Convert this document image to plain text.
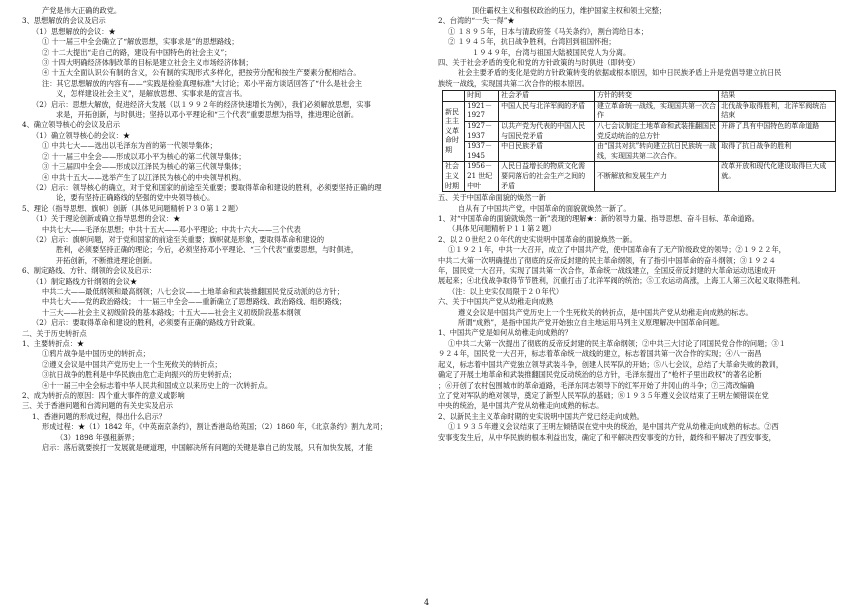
产党是伟大正确的政党。
3、思想解放的会议及启示
（1）思想解放的会议：★
① 十一届三中全会确立了“解放思想，实事求是”的思想路线；
② 十二大提出“走自己的路，建设有中国特色的社会主义”；
③ 十四大明确经济体制改革的目标是建立社会主义市场经济体制；
④ 十五大全面认识公有制的含义，公有制的实现形式多样化，把按劳分配和按生产要素分配相结合。
注：其它思想解放的内容有——“实践是检验真理标准”大讨论；邓小平南方谈话回答了“什么是社会主
义，怎样建设社会主义”，是解放思想、实事求是的宣言书。
（2）启示：思想大解放，促进经济大发展（以１９９２年的经济快速增长为例），我们必须解放思想，实事
求是，开拓创新，与时俱进；坚持以邓小平理论和“三个代表”重要思想为指导，推进理论创新。
4、确立领导核心的会议及启示
（1）确立领导核心的会议：★
① 中共七大——选出以毛泽东为首的第一代领导集体；
② 十一届三中全会——形成以邓小平为核心的第二代领导集体；
③ 十三届四中全会——形成以江泽民为核心的第三代领导集体；
④ 中共十五大——选举产生了以江泽民为核心的中央领导机构。
（2）启示：领导核心的确立，对于党和国家的前途至关重要；要取得革命和建设的胜利，必须要坚持正确的理
论，要有坚持正确路线的坚强的党中央领导核心。
5、理论（指导思想、旗帜）创新（具体见问题精析Ｐ３０第１２题）
（1）关于理论创新或确立指导思想的会议：★
中共七大——毛泽东思想；中共十五大——邓小平理论；中共十六大——三个代表
（2）启示：旗帜问题，对于党和国家的前途至关重要；旗帜就是形象，要取得革命和建设的
胜利，必须要坚持正确的理论；今后，必须坚持邓小平理论、“三个代表”重要思想，与时俱进，
开拓创新，不断推进理论创新。
6、制定路线、方针、纲领的会议及启示：
（1）制定路线方针纲领的会议★
中共二大——最低纲领和最高纲领；八七会议——土地革命和武装推翻国民党反动派的总方针；
中共七大——党的政治路线； 十一届三中全会——重新确立了思想路线、政治路线、组织路线；
十三大——社会主义初级阶段的基本路线；十五大——社会主义初级阶段基本纲领
（2）启示：要取得革命和建设的胜利，必须要有正确的路线方针政策。
二、关于历史转折点
1、主要转折点：★
①鸦片战争是中国历史的转折点；
②遵义会议是中国共产党历史上一个生死攸关的转折点；
③抗日战争的胜利是中华民族由危亡走向振兴的历史转折点；
④十一届三中全会标志着中华人民共和国成立以来历史上的一次转折点。
2、成为转折点的原因：四个重大事件的意义或影响
三、关于香港问题和台湾问题的有关史实及启示
1、香港问题的形成过程，得出什么启示？
形成过程：★（1）1842 年，《中英南京条约》，割让香港岛给英国；（2）1860 年，《北京条约》割九龙司；
（3）1898 年强租新界；
启示：落后就要挨打一发展就是硬道理，中国解决所有问题的关键是靠自己的发展，只有加快发展，才能
顶住霸权主义和强权政治的压力，维护国家主权和领土完整；
2、台湾的“一失一得”★
① １８９５年，日本与清政府签《马关条约》，割台湾给日本；
② １９４５年，抗日战争胜利，台湾回到祖国怀抱；
１９４９年，台湾与祖国大陆被国民党人为分离。
四、关于社会矛盾的变化和党的方针政策的与时俱进（即转变）
社会主要矛盾的变化是党的方针政策转变的依据或根本原因，如中日民族矛盾上升是党倡导建立抗日民
族统一战线，实现国共第二次合作的根本原因。
	时间	社会矛盾	方针的转变	结果
新民主主义革命时期	1921－1927	中国人民与北洋军阀的矛盾	建立革命统一战线，实现国共第一次合作	北伐战争取得胜利，北洋军阀统治结束
	1927－1937	以共产党为代表的中国人民与国民党矛盾	八七会议制定土地革命和武装推翻国民党反动统治的总方针	开辟了具有中国特色的革命道路
	1937－1945	中日民族矛盾	由“国共对抗”转向建立抗日民族统一战线，实现国共第二次合作。	取得了抗日战争的胜利
社会主义时期	1956－21 世纪中叶	人民日益增长的物质文化需要同落后的社会生产之间的矛盾	不断解放和发展生产力	改革开放和现代化建设取得巨大成就。
五、关于中国革命面貌的焕然一新
自从有了中国共产党，中国革命的面貌就焕然一新了。
1、对“中国革命的面貌就焕然一新”表现的理解★：新的领导力量、指导思想、奋斗目标、革命道路。
（具体见问题精析Ｐ１１第２题）
2、以２０世纪２０年代的史实说明中国革命的面貌焕然一新。
①１９２１年，中共一大召开，成立了中国共产党，使中国革命有了无产阶级政党的领导；②１９２２年，
中共二大第一次明确提出了彻底的反帝反封建的民主革命纲领，有了指引中国革命的奋斗纲领；③１９２４
年，国民党一大召开，实现了国共第一次合作，革命统一战线建立，全国反帝反封建的大革命运动迅速成开
展起来；④北伐战争取得节节胜利，沉重打击了北洋军阀的统治；⑤工农运动高涨，上海工人第三次起义取得胜利。
（注：以上史实仅局限于２０年代）
六、关于中国共产党从幼稚走向成熟
遵义会议是中国共产党历史上一个生死攸关的转折点，是中国共产党从幼稚走向成熟的标志。
所谓“成熟”，是指中国共产党开始独立自主地运用马列主义原理解决中国革命问题。
1、中国共产党是如何从幼稚走向成熟的？
①中共二大第一次提出了彻底的反帝反封建的民主革命纲领；②中共三大讨论了同国民党合作的问题；③１
９２４年，国民党一大召开，标志着革命统一战线的建立，标志着国共第一次合作的实现；④八一南昌
起义，标志着中国共产党独立领导武装斗争，创建人民军队的开始；⑤八七会议，总结了大革命失败的教训，
确定了开展土地革命和武装推翻国民党反动统治的总方针，毛泽东提出了“枪杆子里出政权”的著名论断
；⑥开创了农村包围城市的革命道路，毛泽东同志领导下的红军开始了井冈山的斗争；⑦三湾改编确
立了党对军队的绝对领导，奠定了新型人民军队的基础；⑧１９３５年遵义会议结束了王明左倾错误在党
中央的统治，是中国共产党从幼稚走向成熟的标志。
2、以新民主主义革命时期的史实说明中国共产党已经走向成熟。
①１９３５年遵义会议结束了王明左倾错误在党中央的统治，是中国共产党从幼稚走向成熟的标志。②西
安事变发生后，从中华民族的根本利益出发，确定了和平解决西安事变的方针，最终和平解决了西安事变，
4
